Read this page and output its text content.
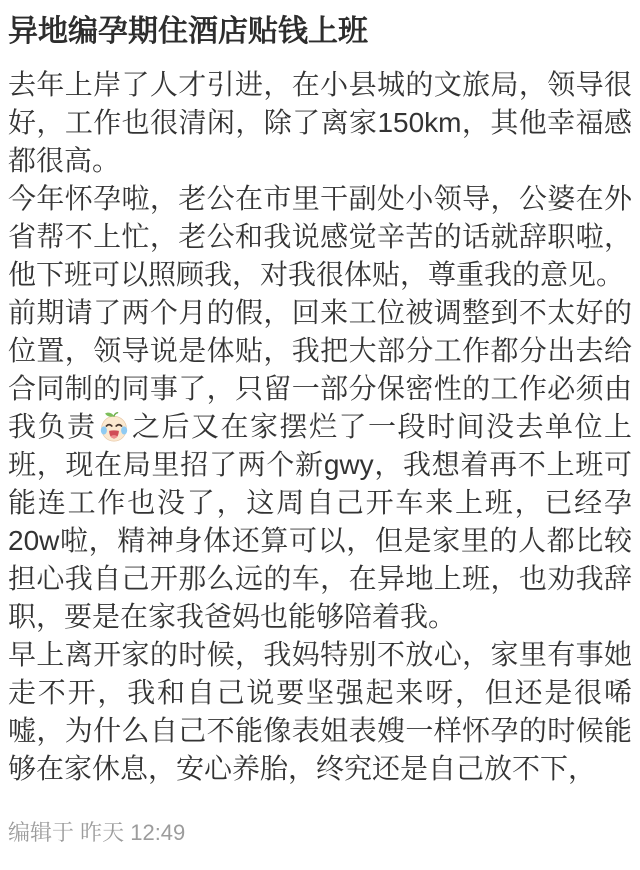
异地编孕期住酒店贴钱上班

去年上岸了人才引进，在小县城的文旅局，领导很好，工作也很清闲，除了离家150km，其他幸福感都很高。

今年怀孕啦，老公在市里干副处小领导，公婆在外省帮不上忙，老公和我说感觉辛苦的话就辞职啦，他下班可以照顾我，对我很体贴，尊重我的意见。

前期请了两个月的假，回来工位被调整到不太好的位置，领导说是体贴，我把大部分工作都分出去给合同制的同事了，只留一部分保密性的工作必须由我负责 之后又在家摆烂了一段时间没去单位上班，现在局里招了两个新gwy，我想着再不上班可能连工作也没了，这周自己开车来上班，已经孕20w啦，精神身体还算可以，但是家里的人都比较担心我自己开那么远的车，在异地上班，也劝我辞职，要是在家我爸妈也能够陪着我。

早上离开家的时候，我妈特别不放心，家里有事她走不开，我和自己说要坚强起来呀，但还是很唏嘘，为什么自己不能像表姐表嫂一样怀孕的时候能够在家休息，安心养胎，终究还是自己放不下，

编辑于 昨天 12:49
